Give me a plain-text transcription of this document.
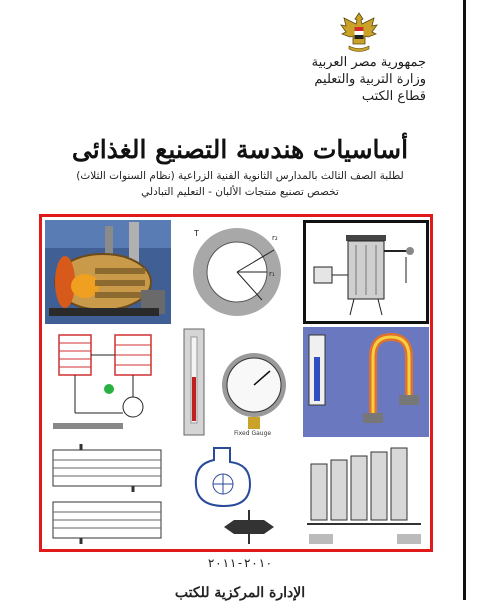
جمهورية مصر العربية
وزارة التربية والتعليم
قطاع الكتب
أساسيات هندسة التصنيع الغذائى
لطلبة الصف الثالث بالمدارس الثانوية الفنية الزراعية (نظام السنوات الثلاث)
تخصص تصنيع منتجات الألبان - التعليم التبادلي
T	r₂
r₁
Fixed Gauge
٢٠١٠-٢٠١١
الإدارة المركزية للكتب
